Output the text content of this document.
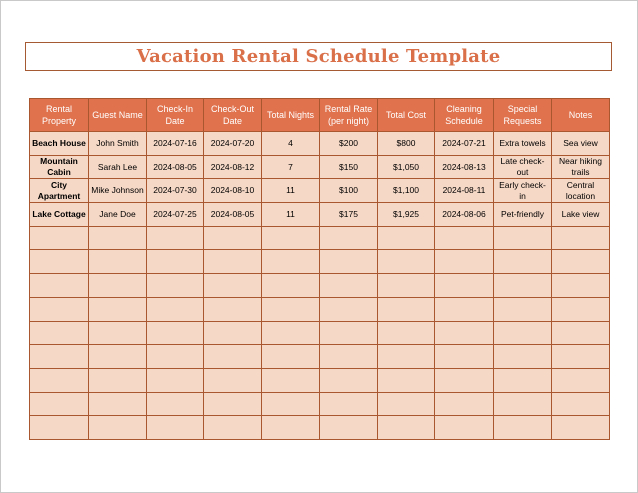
Vacation Rental Schedule Template
Rental Property	Guest Name	Check-In Date	Check-Out Date	Total Nights	Rental Rate (per night)	Total Cost	Cleaning Schedule	Special Requests	Notes
Beach House	John Smith	2024-07-16	2024-07-20	4	$200	$800	2024-07-21	Extra towels	Sea view
Mountain Cabin	Sarah Lee	2024-08-05	2024-08-12	7	$150	$1,050	2024-08-13	Late check-out	Near hiking trails
City Apartment	Mike Johnson	2024-07-30	2024-08-10	11	$100	$1,100	2024-08-11	Early check-in	Central location
Lake Cottage	Jane Doe	2024-07-25	2024-08-05	11	$175	$1,925	2024-08-06	Pet-friendly	Lake view
